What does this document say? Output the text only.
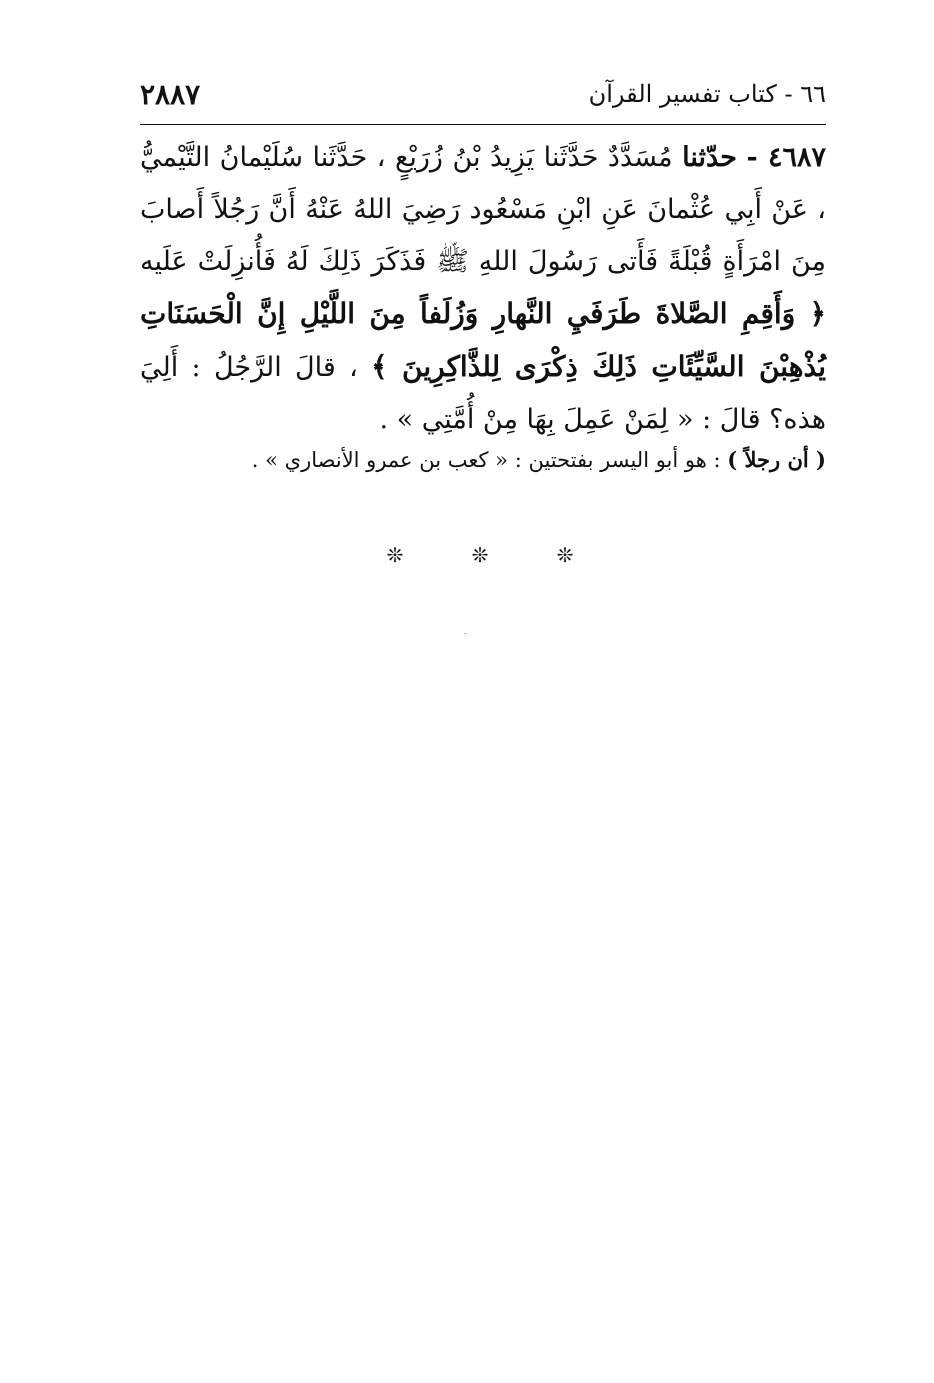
٢٨٨٧	٦٦ - كتاب تفسير القرآن
٤٦٨٧ - حدّثنا مُسَدَّدٌ حَدَّثَنا يَزِيدُ بْنُ زُرَيْعٍ ، حَدَّثَنا سُلَيْمانُ التَّيْميُّ ، عَنْ أَبِي عُثْمانَ عَنِ ابْنِ مَسْعُود رَضِيَ اللهُ عَنْهُ أَنَّ رَجُلاً أَصابَ مِنَ امْرَأَةٍ قُبْلَةً فَأَتى رَسُولَ اللهِ ﷺ فَذَكَرَ ذَلِكَ لَهُ فَأُنزِلَتْ عَلَيه ﴿ وَأَقِمِ الصَّلاةَ طَرَفَيِ النَّهارِ وَزُلَفاً مِنَ اللَّيْلِ إِنَّ الْحَسَنَاتِ يُذْهِبْنَ السَّيِّئَاتِ ذَلِكَ ذِكْرَى لِلذَّاكِرِينَ ﴾ ، قالَ الرَّجُلُ : أَلِيَ هذه؟ قالَ : « لِمَنْ عَمِلَ بِهَا مِنْ أُمَّتِي » .
( أن رجلاً ) : هو أبو اليسر بفتحتين : « كعب بن عمرو الأنصاري » .
❊	❊	❊
